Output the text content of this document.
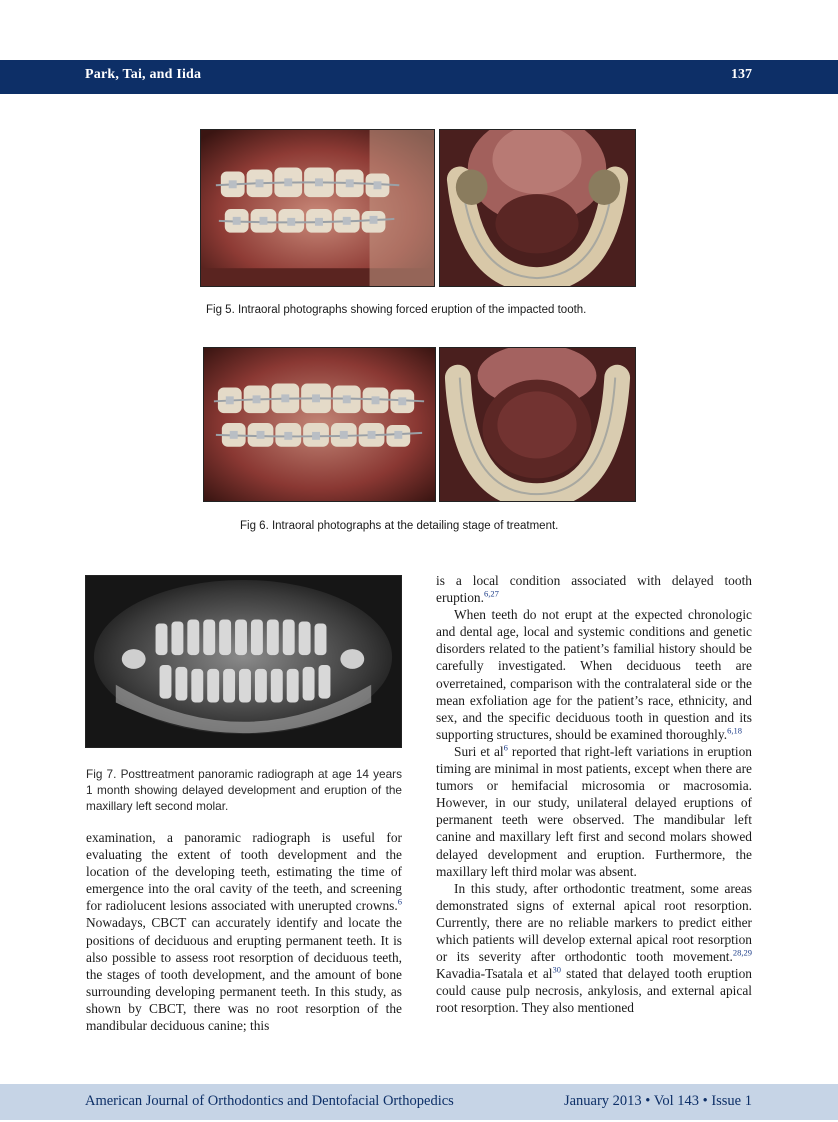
Park, Tai, and Iida	137
Fig 5. Intraoral photographs showing forced eruption of the impacted tooth.
Fig 6. Intraoral photographs at the detailing stage of treatment.
Fig 7. Posttreatment panoramic radiograph at age 14 years 1 month showing delayed development and eruption of the maxillary left second molar.

examination, a panoramic radiograph is useful for evaluating the extent of tooth development and the location of the developing teeth, estimating the time of emergence into the oral cavity of the teeth, and screening for radiolucent lesions associated with unerupted crowns.$^6$ Nowadays, CBCT can accurately identify and locate the positions of deciduous and erupting permanent teeth. It is also possible to assess root resorption of deciduous teeth, the stages of tooth development, and the amount of bone surrounding developing permanent teeth. In this study, as shown by CBCT, there was no root resorption of the mandibular deciduous canine; this

is a local condition associated with delayed tooth eruption.$^{6,27}$

When teeth do not erupt at the expected chronologic and dental age, local and systemic conditions and genetic disorders related to the patient’s familial history should be carefully investigated. When deciduous teeth are overretained, comparison with the contralateral side or the mean exfoliation age for the patient’s race, ethnicity, and sex, and the specific deciduous tooth in question and its supporting structures, should be examined thoroughly.$^{6,18}$

Suri et $al^6$ reported that right-left variations in eruption timing are minimal in most patients, except when there are tumors or hemifacial microsomia or macrosomia. However, in our study, unilateral delayed eruptions of permanent teeth were observed. The mandibular left canine and maxillary left first and second molars showed delayed development and eruption. Furthermore, the maxillary left third molar was absent.

In this study, after orthodontic treatment, some areas demonstrated signs of external apical root resorption. Currently, there are no reliable markers to predict either which patients will develop external apical root resorption or its severity after orthodontic tooth movement.$^{28,29}$ Kavadia-Tsatala et $al^{30}$ stated that delayed tooth eruption could cause pulp necrosis, ankylosis, and external apical root resorption. They also mentioned

American Journal of Orthodontics and Dentofacial Orthopedics	January 2013 • Vol 143 • Issue 1
